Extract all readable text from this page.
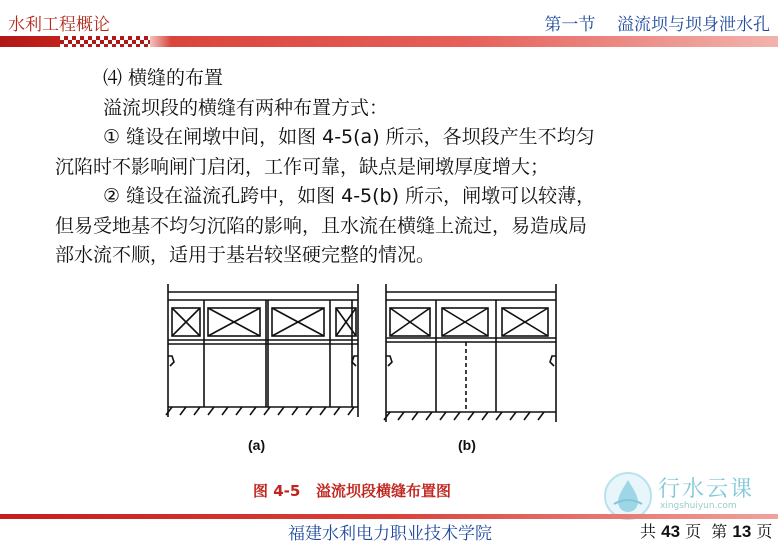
水利工程概论	第一节 溢流坝与坝身泄水孔
⑷ 横缝的布置
溢流坝段的横缝有两种布置方式：
① 缝设在闸墩中间，如图 4-5(a) 所示，各坝段产生不均匀
沉陷时不影响闸门启闭，工作可靠，缺点是闸墩厚度增大；
② 缝设在溢流孔跨中，如图 4-5(b) 所示，闸墩可以较薄，
但易受地基不均匀沉陷的影响，且水流在横缝上流过，易造成局
部水流不顺，适用于基岩较坚硬完整的情况。
(a)	(b)
图 4-5 溢流坝段横缝布置图	行水云课
xingshuiyun.com
福建水利电力职业技术学院	共 43 页  第 13 页
